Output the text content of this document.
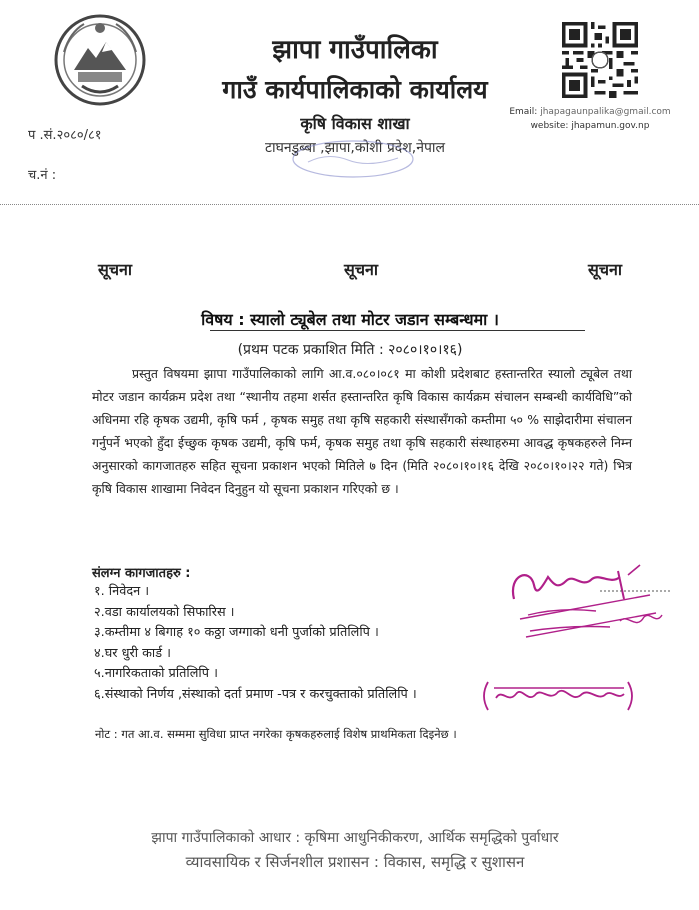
झापा गाउँपालिका
गाउँ कार्यपालिकाको कार्यालय
कृषि विकास शाखा
टाघनडुब्बा ,झापा,कोशी प्रदेश,नेपाल
Email: jhapagaunpalika@gmail.com
website: jhapamun.gov.np
प .सं.२०८०/८१
च.नं :
सूचना	सूचना	सूचना
विषय : स्यालो ट्यूबेल तथा मोटर जडान सम्बन्धमा ।
(प्रथम पटक प्रकाशित मिति : २०८०।१०।१६)
प्रस्तुत विषयमा झापा गाउँपालिकाको लागि आ.व.०८०।०८१ मा कोशी प्रदेशबाट हस्तान्तरित स्यालो ट्यूबेल तथा मोटर जडान कार्यक्रम प्रदेश तथा “स्थानीय तहमा शर्सत हस्तान्तरित कृषि विकास कार्यक्रम संचालन सम्बन्धी कार्यविधि”को अधिनमा रहि कृषक उद्यमी, कृषि फर्म , कृषक समुह तथा कृषि सहकारी संस्थासँगको कम्तीमा ५० % साझेदारीमा संचालन गर्नुपर्ने भएको हुँदा ईच्छुक कृषक उद्यमी, कृषि फर्म, कृषक समुह तथा कृषि सहकारी संस्थाहरुमा आवद्ध कृषकहरुले निम्न अनुसारको कागजातहरु सहित सूचना प्रकाशन भएको मितिले ७ दिन (मिति २०८०।१०।१६ देखि २०८०।१०।२२ गते) भित्र कृषि विकास शाखामा निवेदन दिनुहुन यो सूचना प्रकाशन गरिएको छ ।
संलग्न कागजातहरु :
१. निवेदन ।
२.वडा कार्यालयको सिफारिस ।
३.कम्तीमा ४ बिगाह १० कठ्ठा जग्गाको धनी पुर्जाको प्रतिलिपि ।
४.घर धुरी कार्ड ।
५.नागरिकताको प्रतिलिपि ।
६.संस्थाको निर्णय ,संस्थाको दर्ता प्रमाण -पत्र र करचुक्ताको प्रतिलिपि ।
नोट : गत आ.व. सम्ममा सुविधा प्राप्त नगरेका कृषकहरुलाई विशेष प्राथमिकता दिइनेछ ।
झापा गाउँपालिकाको आधार : कृषिमा आधुनिकीकरण, आर्थिक समृद्धिको पुर्वाधार
व्यावसायिक र सिर्जनशील प्रशासन : विकास, समृद्धि र सुशासन
